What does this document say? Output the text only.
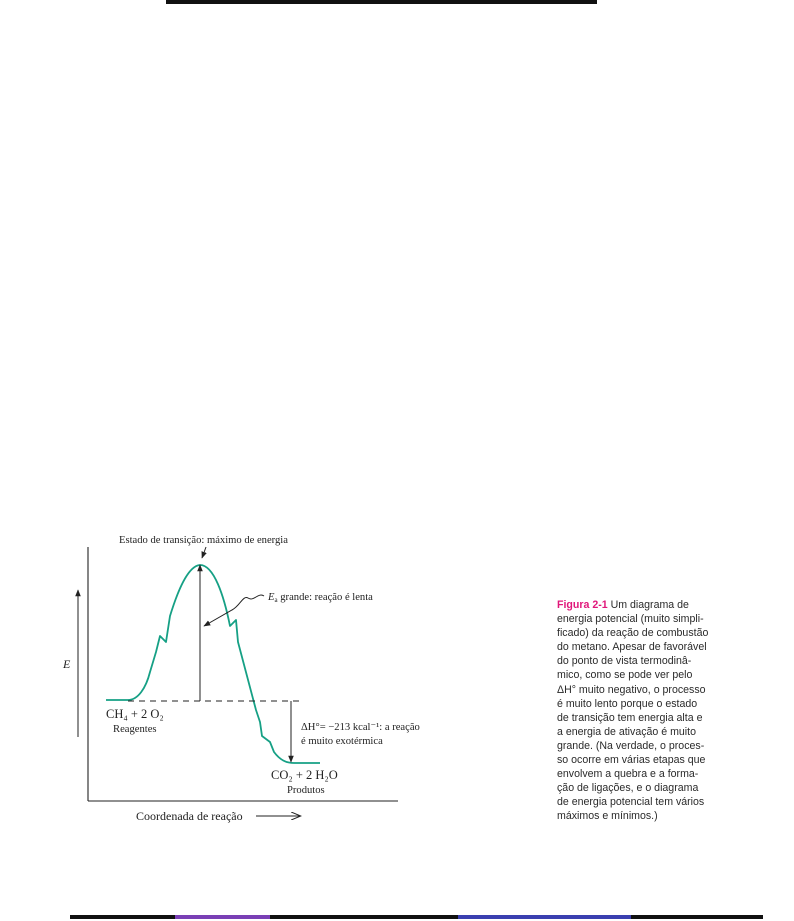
E
Estado de transição: máximo de energia
Ea grande: reação é lenta
CH₄ + 2 O₂
Reagentes	ΔH°= −213 kcal⁻¹: a reação
é muito exotérmica
CO₂ + 2 H₂O
Produtos
Coordenada de reação
Figura 2-1 Um diagrama de
energia potencial (muito simpli-
ficado) da reação de combustão
do metano. Apesar de favorável
do ponto de vista termodinâ-
mico, como se pode ver pelo
ΔH° muito negativo, o processo
é muito lento porque o estado
de transição tem energia alta e
a energia de ativação é muito
grande. (Na verdade, o proces-
so ocorre em várias etapas que
envolvem a quebra e a forma-
ção de ligações, e o diagrama
de energia potencial tem vários
máximos e mínimos.)
